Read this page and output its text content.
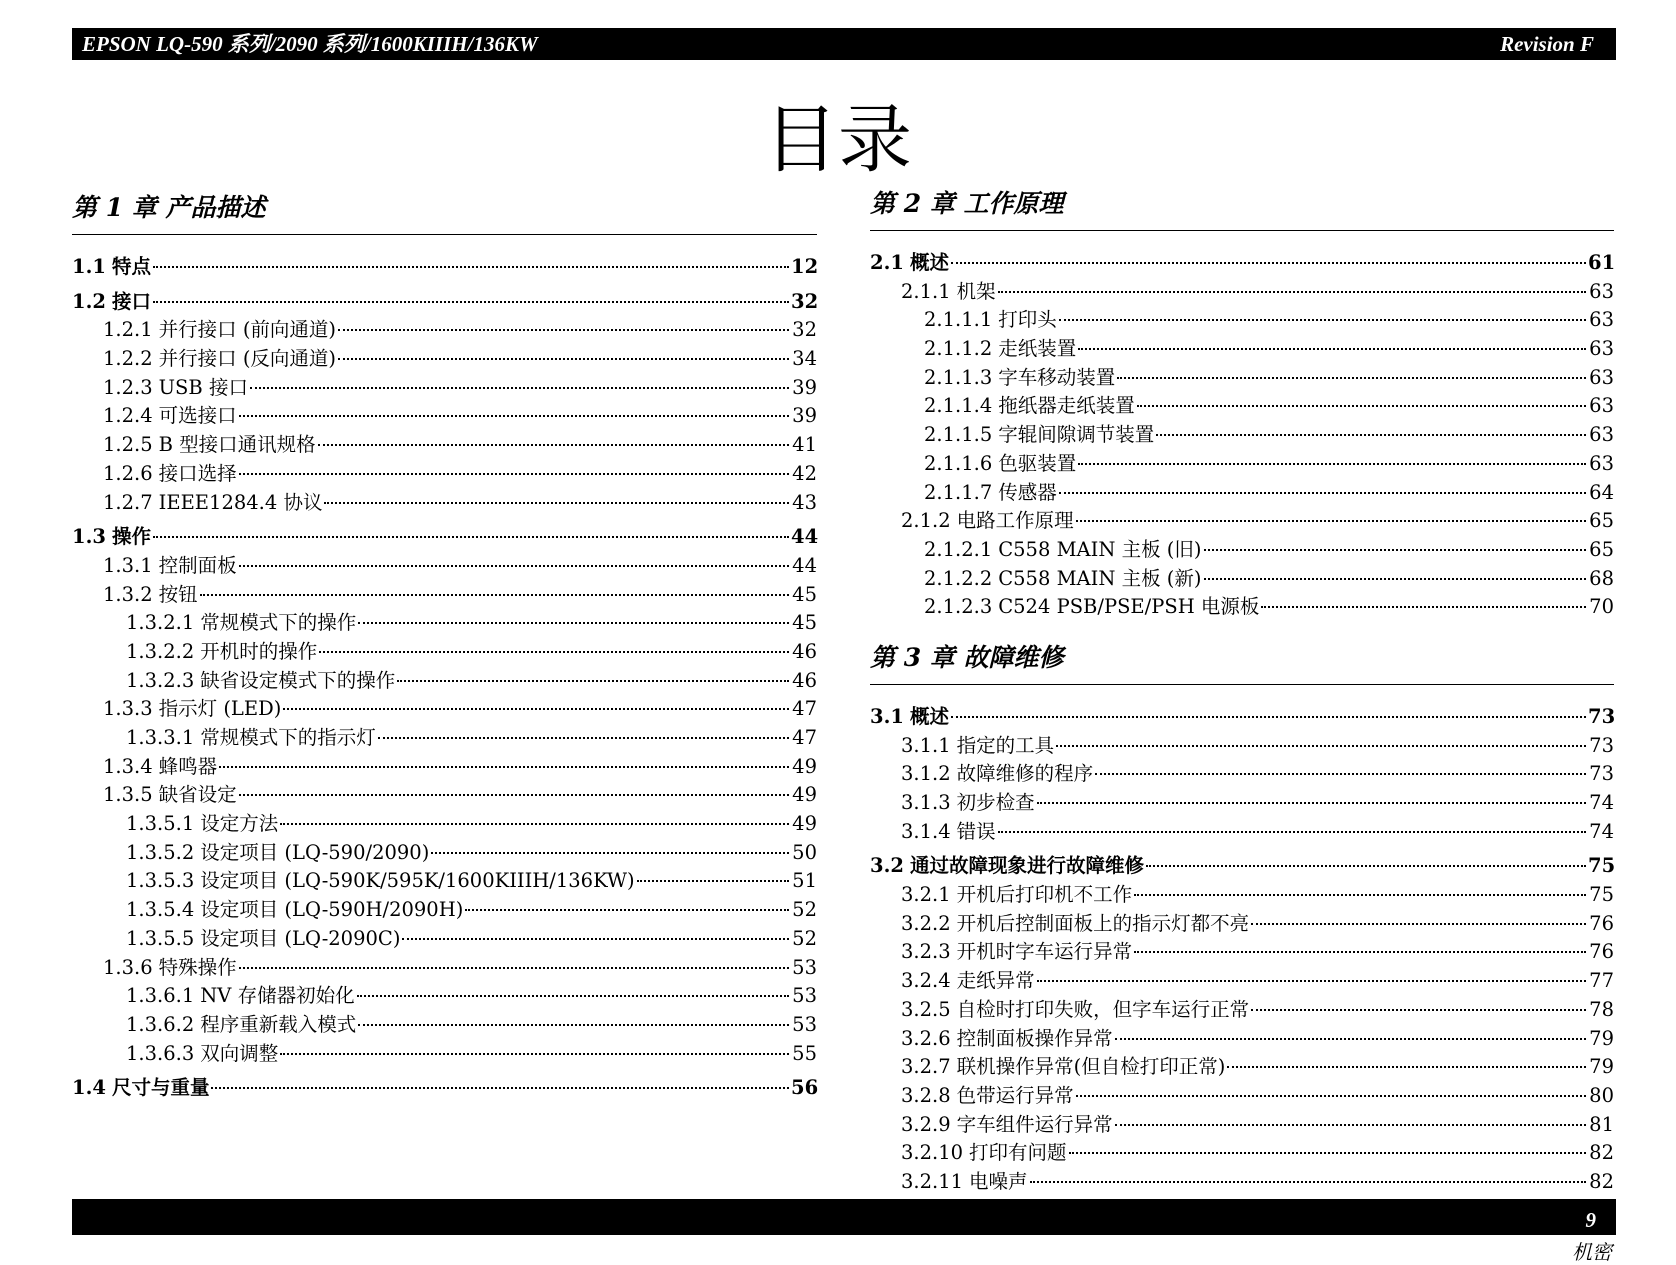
EPSON LQ-590 系列/2090 系列/1600KIIIH/136KW	Revision F
目录
第 1 章 产品描述
1.1 特点	12
1.2 接口	32
1.2.1 并行接口 (前向通道)	32
1.2.2 并行接口 (反向通道)	34
1.2.3 USB 接口	39
1.2.4 可选接口	39
1.2.5 B 型接口通讯规格	41
1.2.6 接口选择	42
1.2.7 IEEE1284.4 协议	43
1.3 操作	44
1.3.1 控制面板	44
1.3.2 按钮	45
1.3.2.1 常规模式下的操作	45
1.3.2.2 开机时的操作	46
1.3.2.3 缺省设定模式下的操作	46
1.3.3 指示灯 (LED)	47
1.3.3.1 常规模式下的指示灯	47
1.3.4 蜂鸣器	49
1.3.5 缺省设定	49
1.3.5.1 设定方法	49
1.3.5.2 设定项目 (LQ-590/2090)	50
1.3.5.3 设定项目 (LQ-590K/595K/1600KIIIH/136KW)	51
1.3.5.4 设定项目 (LQ-590H/2090H)	52
1.3.5.5 设定项目 (LQ-2090C)	52
1.3.6 特殊操作	53
1.3.6.1 NV 存储器初始化	53
1.3.6.2 程序重新载入模式	53
1.3.6.3 双向调整	55
1.4 尺寸与重量	56
第 2 章 工作原理
2.1 概述	61
2.1.1 机架	63
2.1.1.1 打印头	63
2.1.1.2 走纸装置	63
2.1.1.3 字车移动装置	63
2.1.1.4 拖纸器走纸装置	63
2.1.1.5 字辊间隙调节装置	63
2.1.1.6 色驱装置	63
2.1.1.7 传感器	64
2.1.2 电路工作原理	65
2.1.2.1 C558 MAIN 主板 (旧)	65
2.1.2.2 C558 MAIN 主板 (新)	68
2.1.2.3 C524 PSB/PSE/PSH 电源板	70
第 3 章 故障维修
3.1 概述	73
3.1.1 指定的工具	73
3.1.2 故障维修的程序	73
3.1.3 初步检查	74
3.1.4 错误	74
3.2 通过故障现象进行故障维修	75
3.2.1 开机后打印机不工作	75
3.2.2 开机后控制面板上的指示灯都不亮	76
3.2.3 开机时字车运行异常	76
3.2.4 走纸异常	77
3.2.5 自检时打印失败，但字车运行正常	78
3.2.6 控制面板操作异常	79
3.2.7 联机操作异常(但自检打印正常)	79
3.2.8 色带运行异常	80
3.2.9 字车组件运行异常	81
3.2.10 打印有问题	82
3.2.11 电噪声	82
9
机密
